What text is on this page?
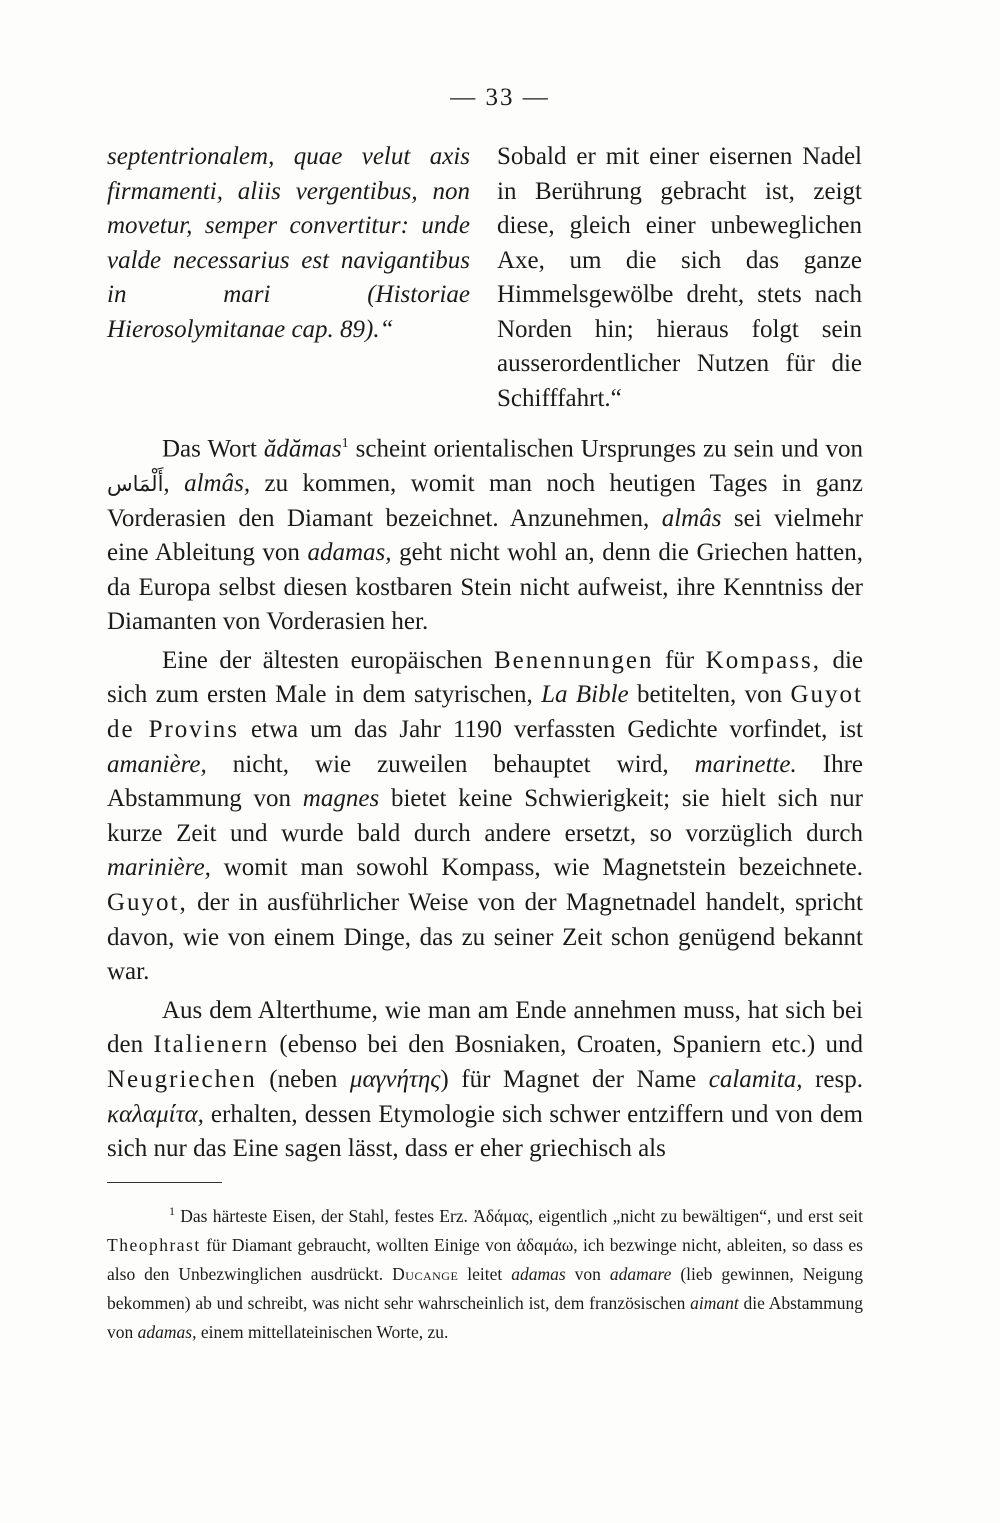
— 33 —

septentrionalem, quae velut axis firmamenti, aliis vergentibus, non movetur, semper convertitur: unde valde necessarius est navigantibus in mari (Historiae Hierosolymitanae cap. 89).“

Sobald er mit einer eisernen Nadel in Berührung gebracht ist, zeigt diese, gleich einer unbeweglichen Axe, um die sich das ganze Himmelsgewölbe dreht, stets nach Norden hin; hieraus folgt sein ausserordentlicher Nutzen für die Schifffahrt.“

Das Wort ădămas$^1$ scheint orientalischen Ursprunges zu sein und von أَلْمَاس, almâs, zu kommen, womit man noch heutigen Tages in ganz Vorderasien den Diamant bezeichnet. Anzunehmen, almâs sei vielmehr eine Ableitung von adamas, geht nicht wohl an, denn die Griechen hatten, da Europa selbst diesen kostbaren Stein nicht aufweist, ihre Kenntniss der Diamanten von Vorderasien her.

Eine der ältesten europäischen Benennungen für Kompass, die sich zum ersten Male in dem satyrischen, La Bible betitelten, von Guyot de Provins etwa um das Jahr 1190 verfassten Gedichte vorfindet, ist amanière, nicht, wie zuweilen behauptet wird, marinette. Ihre Abstammung von magnes bietet keine Schwierigkeit; sie hielt sich nur kurze Zeit und wurde bald durch andere ersetzt, so vorzüglich durch marinière, womit man sowohl Kompass, wie Magnetstein bezeichnete. Guyot, der in ausführlicher Weise von der Magnetnadel handelt, spricht davon, wie von einem Dinge, das zu seiner Zeit schon genügend bekannt war.

Aus dem Alterthume, wie man am Ende annehmen muss, hat sich bei den Italienern (ebenso bei den Bosniaken, Croaten, Spaniern etc.) und Neugriechen (neben μαγνήτης) für Magnet der Name calamita, resp. καλαμίτα, erhalten, dessen Etymologie sich schwer entziffern und von dem sich nur das Eine sagen lässt, dass er eher griechisch als

$^1$ Das härteste Eisen, der Stahl, festes Erz. Ἀδάμας, eigentlich „nicht zu bewältigen“, und erst seit Theophrast für Diamant gebraucht, wollten Einige von ἀδαμάω, ich bezwinge nicht, ableiten, so dass es also den Unbezwinglichen ausdrückt. Ducange leitet adamas von adamare (lieb gewinnen, Neigung bekommen) ab und schreibt, was nicht sehr wahrscheinlich ist, dem französischen aimant die Abstammung von adamas, einem mittellateinischen Worte, zu.
